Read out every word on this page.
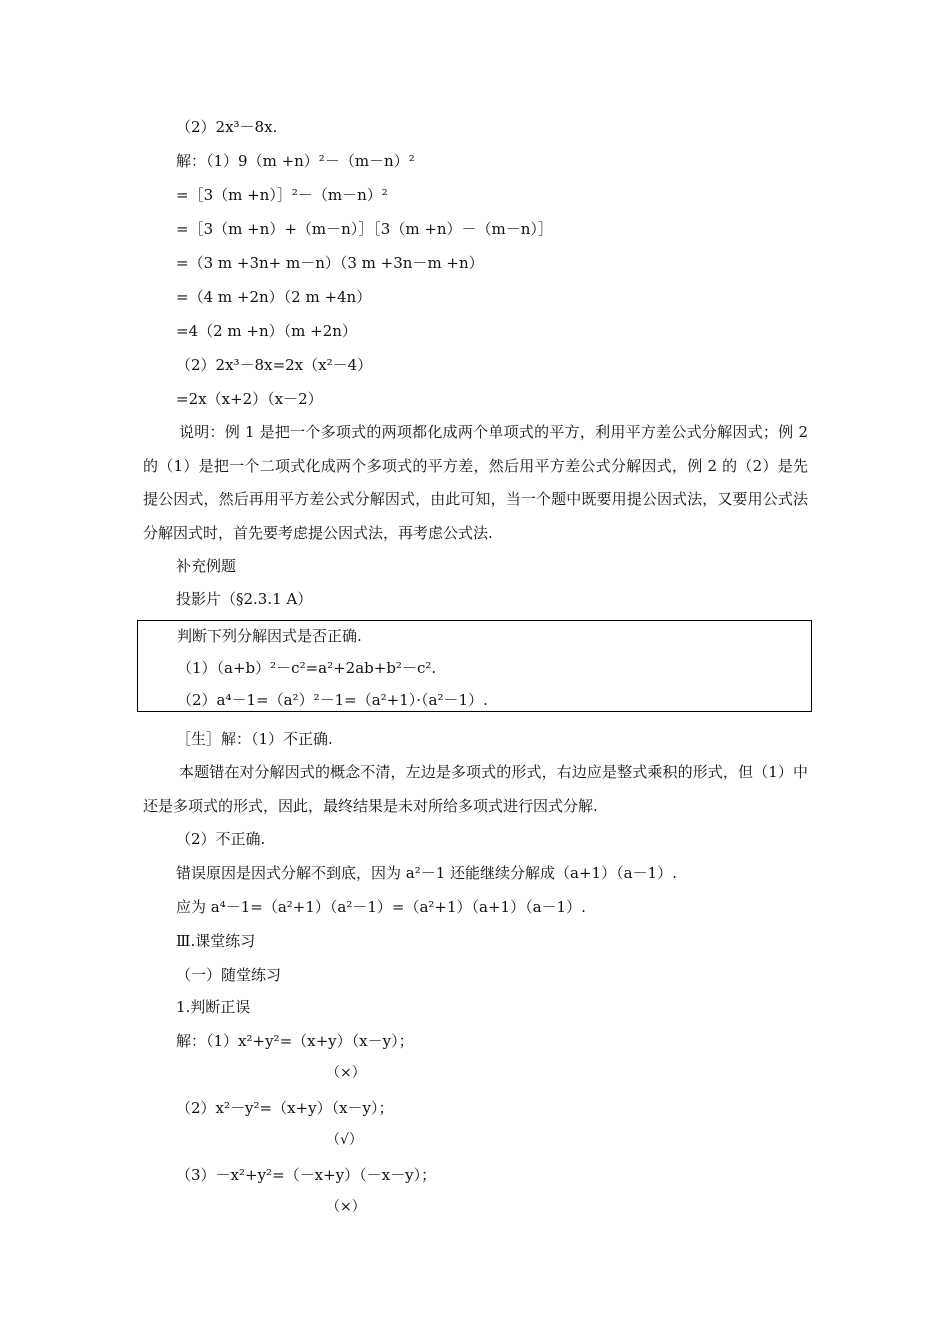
（2）2x³－8x.
解：（1）9（m +n）²－（m－n）²
=［3（m +n）］²－（m－n）²
=［3（m +n）+（m－n）］［3（m +n）－（m－n）］
=（3 m +3n+ m－n）（3 m +3n－m +n）
=（4 m +2n）（2 m +4n）
=4（2 m +n）（m +2n）
（2）2x³－8x=2x（x²－4）
=2x（x+2）（x－2）
说明：例 1 是把一个多项式的两项都化成两个单项式的平方，利用平方差公式分解因式；例 2 的（1）是把一个二项式化成两个多项式的平方差，然后用平方差公式分解因式，例 2 的（2）是先提公因式，然后再用平方差公式分解因式，由此可知，当一个题中既要用提公因式法，又要用公式法分解因式时，首先要考虑提公因式法，再考虑公式法.
补充例题
投影片（§2.3.1 A）
判断下列分解因式是否正确.
（1）（a+b）²－c²=a²+2ab+b²－c².
（2）a⁴－1=（a²）²－1=（a²+1）·（a²－1）.
［生］解：（1）不正确.
本题错在对分解因式的概念不清，左边是多项式的形式，右边应是整式乘积的形式，但（1）中还是多项式的形式，因此，最终结果是未对所给多项式进行因式分解.
（2）不正确.
错误原因是因式分解不到底，因为 a²－1 还能继续分解成（a+1）（a－1）.
应为 a⁴－1=（a²+1）（a²－1）=（a²+1）（a+1）（a－1）.
Ⅲ.课堂练习
（一）随堂练习
1.判断正误
解：（1）x²+y²=（x+y）（x－y）；
（×）
（2）x²－y²=（x+y）（x－y）；
（√）
（3）－x²+y²=（－x+y）（－x－y）；
（×）
